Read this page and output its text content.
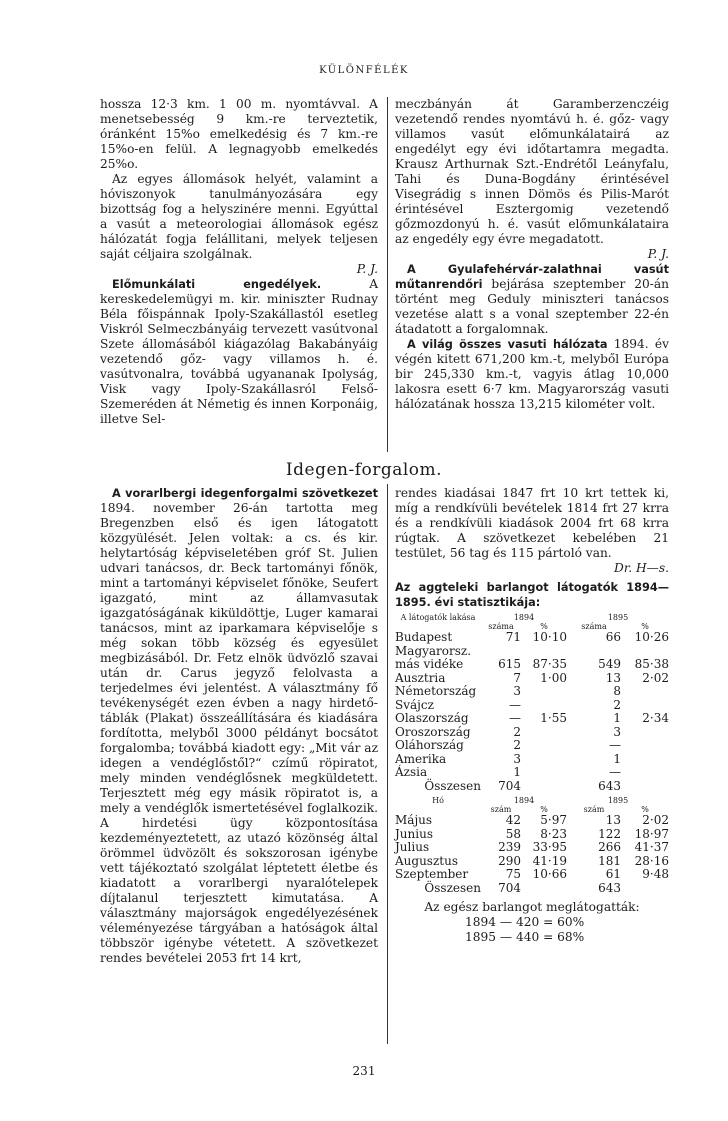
KÜLÖNFÉLÉK

hossza 12·3 km. 1 00 m. nyomtávval. A menetsebesség 9 km.-re terveztetik, óránként 15%o emelkedésig és 7 km.-re 15%o-en felül. A legnagyobb emelkedés 25%o.

Az egyes állomások helyét, valamint a hóviszonyok tanulmányozására egy bizottság fog a helyszinére menni. Egyúttal a vasút a meteorologiai állomások egész hálózatát fogja felállitani, melyek teljesen saját céljaira szolgálnak.

P. J.

Előmunkálati engedélyek. A kereskedelemügyi m. kir. miniszter Rudnay Béla főispánnak Ipoly-Szakállastól esetleg Viskról Selmeczbányáig tervezett vasútvonal Szete állomásából kiágazólag Bakabányáig vezetendő gőz- vagy villamos h. é. vasútvonalra, továbbá ugyananak Ipolyság, Visk vagy Ipoly-Szakállasról Felső-Szemeréden át Németig és innen Korponáig, illetve Sel-

meczbányán át Garamberzenczéig vezetendő rendes nyomtávú h. é. gőz- vagy villamos vasút előmunkálatairá az engedélyt egy évi időtartamra megadta. Krausz Arthurnak Szt.-Endrétől Leányfalu, Tahi és Duna-Bogdány érintésével Visegrádig s innen Dömös és Pilis-Marót érintésével Esztergomig vezetendő gőzmozdonyú h. é. vasút előmunkálataira az engedély egy évre megadatott.

P. J.

A Gyulafehérvár-zalathnai vasút műtanrendőri bejárása szeptember 20-án történt meg Geduly miniszteri tanácsos vezetése alatt s a vonal szeptember 22-én átadatott a forgalomnak.

A világ összes vasuti hálózata 1894. év végén kitett 671,200 km.-t, melyből Európa bir 245,330 km.-t, vagyis átlag 10,000 lakosra esett 6·7 km. Magyarország vasuti hálózatának hossza 13,215 kilométer volt.

Idegen-forgalom.

A vorarlbergi idegenforgalmi szövetkezet 1894. november 26-án tartotta meg Bregenzben első és igen látogatott közgyülését. Jelen voltak: a cs. és kir. helytartóság képviseletében gróf St. Julien udvari tanácsos, dr. Beck tartományi főnök, mint a tartományi képviselet főnöke, Seufert igazgató, mint az államvasutak igazgatóságának kiküldöttje, Luger kamarai tanácsos, mint az iparkamara képviselője s még sokan több község és egyesület megbizásából. Dr. Fetz elnök üdvözlő szavai után dr. Carus jegyző felolvasta a terjedelmes évi jelentést. A választmány fő tevékenységét ezen évben a nagy hirdető-táblák (Plakat) összeállítására és kiadására fordította, melyből 3000 példányt bocsátot forgalomba; továbbá kiadott egy: „Mit vár az idegen a vendéglőstől?“ czímű röpiratot, mely minden vendéglősnek megküldetett. Terjesztett még egy másik röpiratot is, a mely a vendéglők ismertetésével foglalkozik. A hirdetési ügy központosítása kezdeményeztetett, az utazó közönség által örömmel üdvözölt és sokszorosan igénybe vett tájékoztató szolgálat léptetett életbe és kiadatott a vorarlbergi nyaralótelepek díjtalanul terjesztett kimutatása. A választmány majorságok engedélyezésének véleményezése tárgyában a hatóságok által többször igénybe vétetett. A szövetkezet rendes bevételei 2053 frt 14 krt,

rendes kiadásai 1847 frt 10 krt tettek ki, míg a rendkívüli bevételek 1814 frt 27 krra és a rendkívüli kiadások 2004 frt 68 krra rúgtak. A szövetkezet kebelében 21 testület, 56 tag és 115 pártoló van.

Dr. H—s.
Az aggteleki barlangot látogatók 1894—1895. évi statisztikája:
A látogatók lakása	1894		1895	
	száma	%	száma	%
Budapest	71	10·10	66	10·26
Magyarorsz.				
más vidéke	615	87·35	549	85·38
Ausztria	7	1·00	13	2·02
Németország	3		8	
Svájcz	—		2	
Olaszország	—	1·55	1	2·34
Oroszország	2		3	
Oláhország	2		—	
Amerika	3		1	
Ázsia	1		—	
Összesen	704		643	
Hó	1894		1895	
	szám	%	szám	%
Május	42	5·97	13	2·02
Junius	58	8·23	122	18·97
Julius	239	33·95	266	41·37
Augusztus	290	41·19	181	28·16
Szeptember	75	10·66	61	9·48
Összesen	704		643	
Az egész barlangot meglátogatták:
1894 — 420 = 60%
1895 — 440 = 68%
231
